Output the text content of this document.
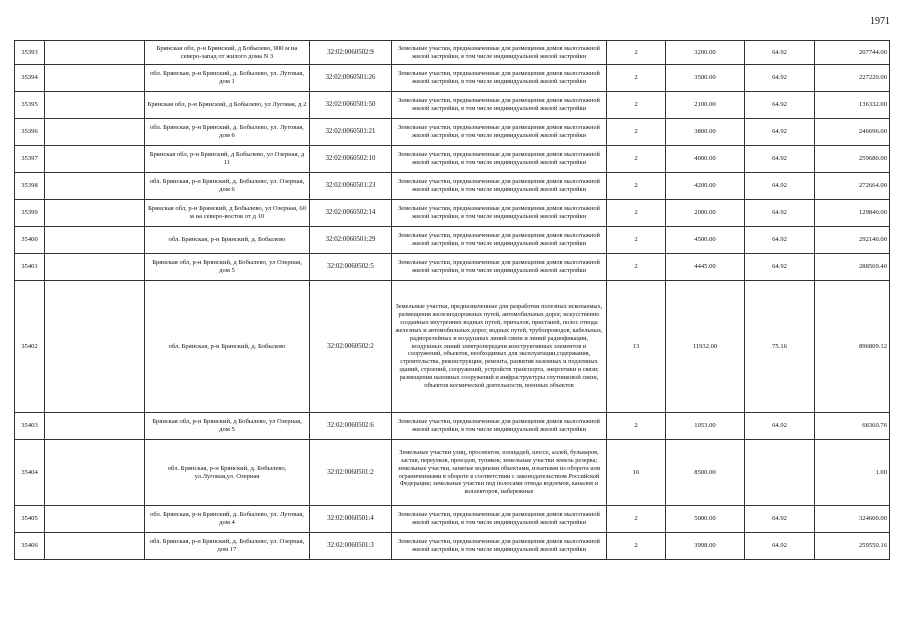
1971
35393		Брянская обл, р-н Брянский, д Бобылево, 900 м на северо-запад от жилого дома N 3	32:02:0060502:9	Земельные участки, предназначенные для размещения домов малоэтажной жилой застройки, в том числе индивидуальной жилой застройки	2	3200.00	64.92	207744.00
35394		обл. Брянская, р-н Брянский, д. Бобылево, ул. Луговая, дом 1	32:02:0060501:26	Земельные участки, предназначенные для размещения домов малоэтажной жилой застройки, в том числе индивидуальной жилой застройки	2	3500.00	64.92	227220.00
35395		Брянская обл, р-н Брянский, д Бобылево, ул Луговая, д 2	32:02:0060501:50	Земельные участки, предназначенные для размещения домов малоэтажной жилой застройки, в том числе индивидуальной жилой застройки	2	2100.00	64.92	136332.00
35396		обл. Брянская, р-н Брянский, д. Бобылево, ул. Луговая, дом 6	32:02:0060501:21	Земельные участки, предназначенные для размещения домов малоэтажной жилой застройки, в том числе индивидуальной жилой застройки	2	3800.00	64.92	246696.00
35397		Брянская обл, р-н Брянский, д Бобылево, ул Озерная, д 11	32:02:0060502:10	Земельные участки, предназначенные для размещения домов малоэтажной жилой застройки, в том числе индивидуальной жилой застройки	2	4000.00	64.92	259680.00
35398		обл. Брянская, р-н Брянский, д. Бобылево, ул. Озерная, дом 6	32:02:0060501:23	Земельные участки, предназначенные для размещения домов малоэтажной жилой застройки, в том числе индивидуальной жилой застройки	2	4200.00	64.92	272664.00
35399		Брянская обл, р-н Брянский, д Бобылево, ул Озерная, 60 м на северо-восток от д 10	32:02:0060502:14	Земельные участки, предназначенные для размещения домов малоэтажной жилой застройки, в том числе индивидуальной жилой застройки	2	2000.00	64.92	129840.00
35400		обл. Брянская, р-н Брянский, д. Бобылево	32:02:0060501:29	Земельные участки, предназначенные для размещения домов малоэтажной жилой застройки, в том числе индивидуальной жилой застройки	2	4500.00	64.92	292140.00
35401		Брянская обл, р-н Брянский, д Бобылево, ул Озерная, дом 5	32:02:0060502:5	Земельные участки, предназначенные для размещения домов малоэтажной жилой застройки, в том числе индивидуальной жилой застройки	2	4445.00	64.92	288569.40
35402		обл. Брянская, р-н Брянский, д. Бобылево	32:02:0060502:2	Земельные участки, предназначенные для разработки полезных ископаемых, размещения железнодорожных путей, автомобильных дорог, искусственно созданных внутренних водных путей, причалов, пристаней, полос отвода железных и автомобильных дорог, водных путей, трубопроводов, кабельных, радиорелейных и воздушных линий связи и линий радиофикации, воздушных линий электропередачи конструктивных элементов и сооружений, объектов, необходимых для эксплуатации,содержания, строительства, реконструкции, ремонта, развития наземных и подземных зданий, строений, сооружений, устройств транспорта, энергетики и связи; размещения наземных сооружений и инфраструктуры спутниковой связи, объектов космической деятельности, военных объектов	13	11932.00	75.16	896809.12
35403		Брянская обл, р-н Брянский, д Бобылево, ул Озерная, дом 5	32:02:0060502:6	Земельные участки, предназначенные для размещения домов малоэтажной жилой застройки, в том числе индивидуальной жилой застройки	2	1053.00	64.92	68360.76
35404		обл. Брянская, р-н Брянский, д. Бобылево, ул.Луговая,ул. Озерная	32:02:0060501:2	Земельные участки улиц, проспектов, площадей, шоссе, аллей, бульваров, застав, переулков, проездов, тупиков; земельные участки земель резерва; земельные участки, занятые водными объектами, изъятыми из оборота или ограниченными в обороте в соответствии с законодательством Российской Федерации; земельные участки под полосами отвода водоемов, каналов и коллекторов, набережные	16	8500.00		1.00
35405		обл. Брянская, р-н Брянский, д. Бобылево, ул. Луговая, дом 4	32:02:0060501:4	Земельные участки, предназначенные для размещения домов малоэтажной жилой застройки, в том числе индивидуальной жилой застройки	2	5000.00	64.92	324600.00
35406		обл. Брянская, р-н Брянский, д. Бобылево, ул. Озерная, дом 17	32:02:0060501:3	Земельные участки, предназначенные для размещения домов малоэтажной жилой застройки, в том числе индивидуальной жилой застройки	2	3998.00	64.92	259550.16
